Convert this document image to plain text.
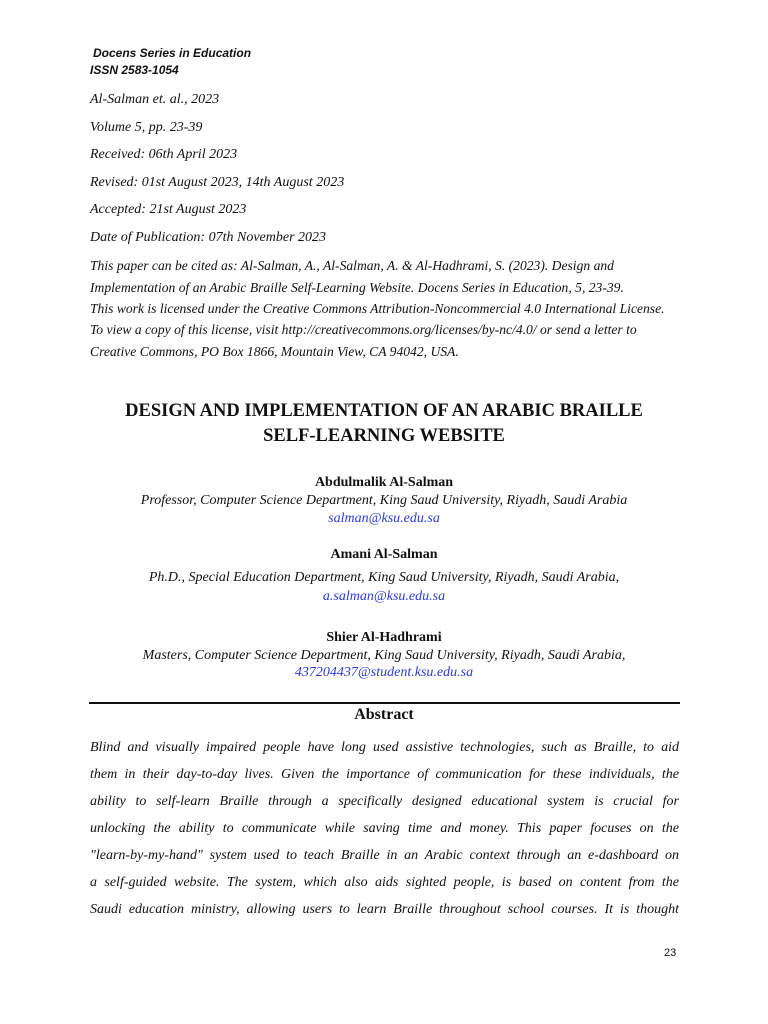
Docens Series in Education
ISSN 2583-1054
Al-Salman et. al., 2023
Volume 5, pp. 23-39
Received: 06th April 2023
Revised: 01st August 2023, 14th August 2023
Accepted: 21st August 2023
Date of Publication: 07th November 2023
This paper can be cited as: Al-Salman, A., Al-Salman, A. & Al-Hadhrami, S. (2023). Design and
Implementation of an Arabic Braille Self-Learning Website. Docens Series in Education, 5, 23-39.
This work is licensed under the Creative Commons Attribution-Noncommercial 4.0 International License.
To view a copy of this license, visit http://creativecommons.org/licenses/by-nc/4.0/ or send a letter to
Creative Commons, PO Box 1866, Mountain View, CA 94042, USA.
DESIGN AND IMPLEMENTATION OF AN ARABIC BRAILLE
SELF-LEARNING WEBSITE
Abdulmalik Al-Salman
Professor, Computer Science Department, King Saud University, Riyadh, Saudi Arabia
salman@ksu.edu.sa
Amani Al-Salman
Ph.D., Special Education Department, King Saud University, Riyadh, Saudi Arabia,
a.salman@ksu.edu.sa
Shier Al-Hadhrami
Masters, Computer Science Department, King Saud University, Riyadh, Saudi Arabia,
437204437@student.ksu.edu.sa
Abstract
Blind and visually impaired people have long used assistive technologies, such as Braille, to aid
them in their day-to-day lives. Given the importance of communication for these individuals, the
ability to self-learn Braille through a specifically designed educational system is crucial for
unlocking the ability to communicate while saving time and money. This paper focuses on the
"learn-by-my-hand" system used to teach Braille in an Arabic context through an e-dashboard on
a self-guided website. The system, which also aids sighted people, is based on content from the
Saudi education ministry, allowing users to learn Braille throughout school courses. It is thought
23
